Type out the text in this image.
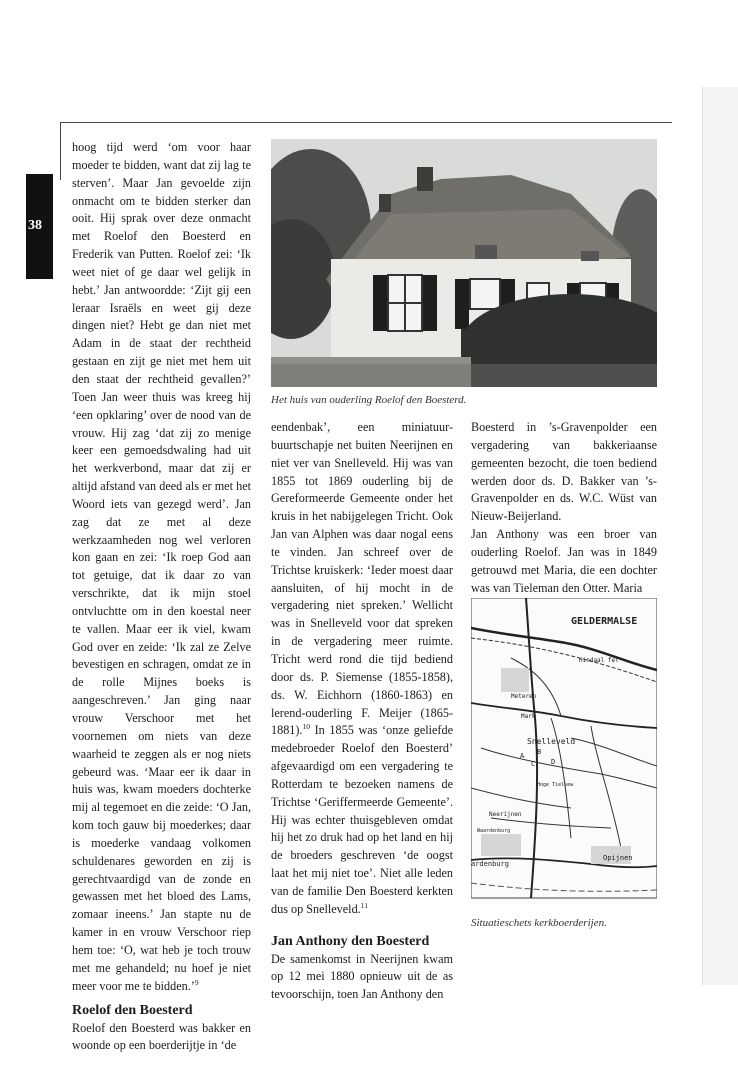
38

hoog tijd werd ‘om voor haar moeder te bidden, want dat zij lag te sterven’. Maar Jan gevoelde zijn onmacht om te bidden sterker dan ooit. Hij sprak over deze onmacht met Roelof den Boesterd en Frederik van Putten. Roelof zei: ‘Ik weet niet of ge daar wel gelijk in hebt.’ Jan antwoordde: ‘Zijt gij een leraar Israëls en weet gij deze dingen niet? Hebt ge dan niet met Adam in de staat der rechtheid gestaan en zijt ge niet met hem uit den staat der rechtheid gevallen?’ Toen Jan weer thuis was kreeg hij ‘een opklaring’ over de nood van de vrouw. Hij zag ‘dat zij zo menige keer een gemoedsdwaling had uit het werkverbond, maar dat zij er altijd afstand van deed als er met het Woord iets van gezegd werd’. Jan zag dat ze met al deze werkzaamheden nog wel verloren kon gaan en zei: ‘Ik roep God aan tot getuige, dat ik daar zo van verschrikte, dat ik mijn stoel ontvluchtte om in den koestal neer te vallen. Maar eer ik viel, kwam God over en zeide: ‘Ik zal ze Zelve bevestigen en schragen, omdat ze in de rolle Mijnes boeks is aangeschreven.’ Jan ging naar vrouw Verschoor met het voornemen om niets van deze waarheid te zeggen als er nog niets gebeurd was. ‘Maar eer ik daar in huis was, kwam moeders dochterke mij al tegemoet en die zeide: ‘O Jan, kom toch gauw bij moederkes; daar is moederke vandaag volkomen schuldenares geworden en zij is gerechtvaardigd van de zonde en gewassen met het bloed des Lams, zomaar ineens.’ Jan stapte nu de kamer in en vrouw Verschoor riep hem toe: ‘O, wat heb je toch trouw met me gehandeld; nu hoef je niet meer voor me te bidden.’$^9$

Roelof den Boesterd

Roelof den Boesterd was bakker en woonde op een boerderijtje in ‘de

Het huis van ouderling Roelof den Boesterd.

eendenbak’, een miniatuur-buurtschapje net buiten Neerijnen en niet ver van Snelleveld. Hij was van 1855 tot 1869 ouderling bij de Gereformeerde Gemeente onder het kruis in het nabijgelegen Tricht. Ook Jan van Alphen was daar nogal eens te vinden. Jan schreef over de Trichtse kruiskerk: ‘Ieder moest daar aansluiten, of hij mocht in de vergadering niet spreken.’ Wellicht was in Snelleveld voor dat spreken in de vergadering meer ruimte. Tricht werd rond die tijd bediend door ds. P. Siemense (1855-1858), ds. W. Eichhorn (1860-1863) en lerend-ouderling F. Meijer (1865-1881).$^{10}$ In 1855 was ‘onze geliefde medebroeder Roelof den Boesterd’ afgevaardigd om een vergadering te Rotterdam te bezoeken namens de Trichtse ‘Geriffermeerde Gemeente’. Hij was echter thuisgebleven omdat hij het zo druk had op het land en hij de broeders geschreven ‘de oogst laat het mij niet toe’. Niet alle leden van de familie Den Boesterd kerkten dus op Snelleveld.$^{11}$

Jan Anthony den Boesterd

De samenkomst in Neerijnen kwam op 12 mei 1880 opnieuw uit de as tevoorschijn, toen Jan Anthony den

Boesterd in ’s-Gravenpolder een vergadering van bakkeriaanse gemeenten bezocht, die toen bediend werden door ds. D. Bakker van ’s-Gravenpolder en ds. W.C. Wüst van Nieuw-Beijerland.

Jan Anthony was een broer van ouderling Roelof. Jan was in 1849 getrouwd met Maria, die een dochter was van Tieleman den Otter. Maria

GELDERMALSE
Hindaal fel
Meteren
Mark
Snelleveld
A B
C D
Hoge Tielsew
Neerijnen
Waardenburg
ardenburg
Opijnen
Situatieschets kerkboerderijen.
